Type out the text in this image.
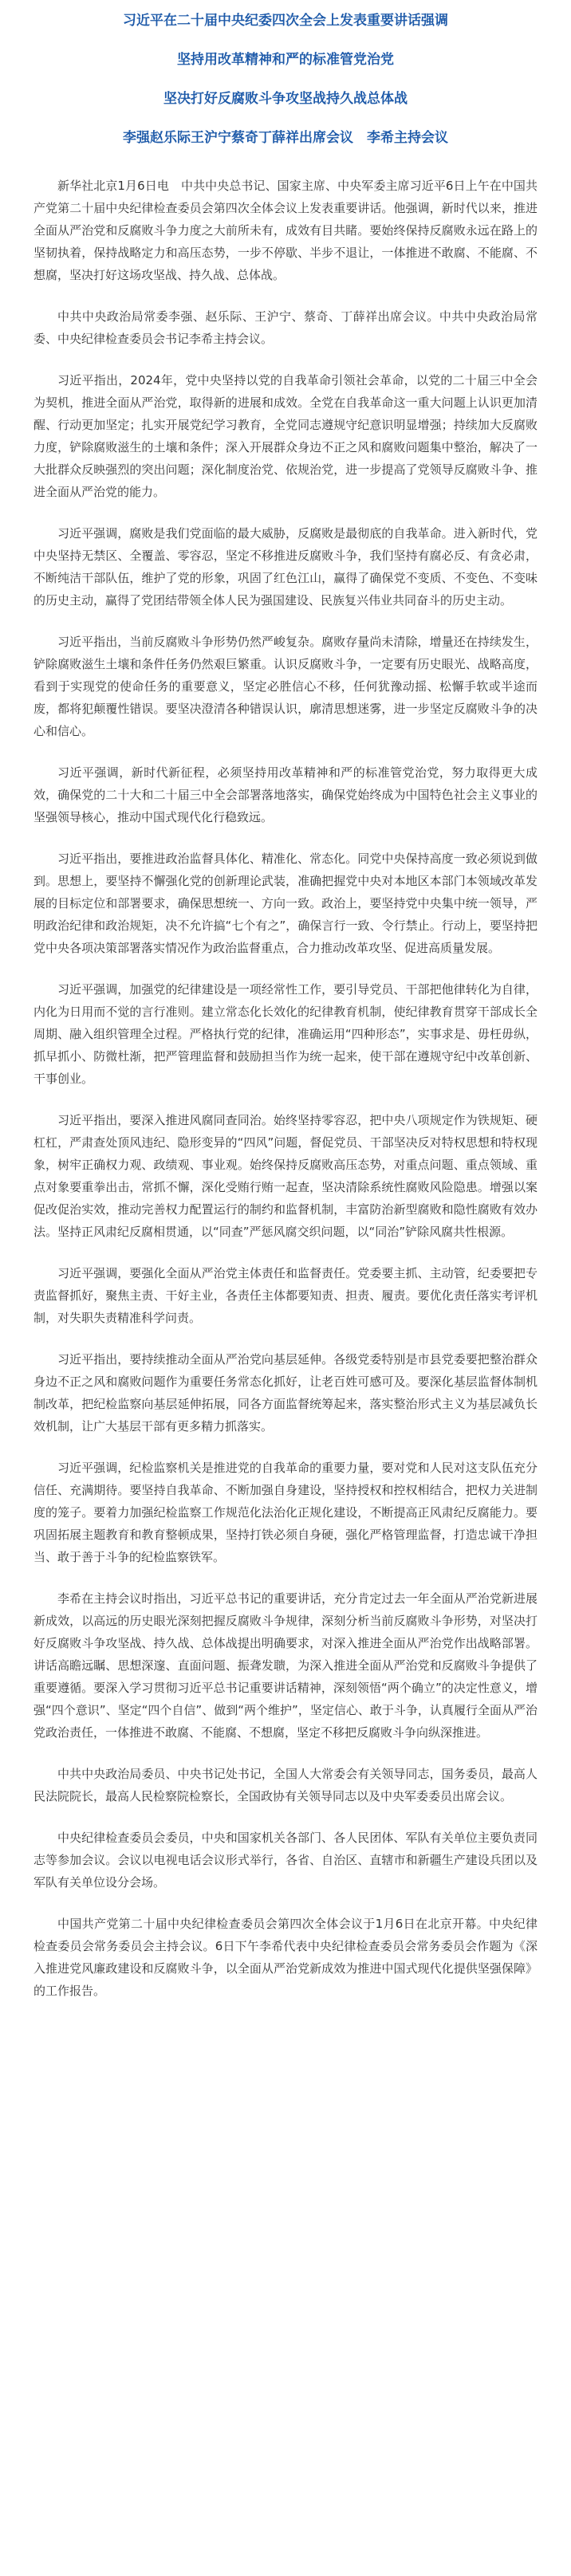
习近平在二十届中央纪委四次全会上发表重要讲话强调
坚持用改革精神和严的标准管党治党
坚决打好反腐败斗争攻坚战持久战总体战
李强赵乐际王沪宁蔡奇丁薛祥出席会议　李希主持会议

新华社北京1月6日电　中共中央总书记、国家主席、中央军委主席习近平6日上午在中国共产党第二十届中央纪律检查委员会第四次全体会议上发表重要讲话。他强调，新时代以来，推进全面从严治党和反腐败斗争力度之大前所未有，成效有目共睹。要始终保持反腐败永远在路上的坚韧执着，保持战略定力和高压态势，一步不停歇、半步不退让，一体推进不敢腐、不能腐、不想腐，坚决打好这场攻坚战、持久战、总体战。

中共中央政治局常委李强、赵乐际、王沪宁、蔡奇、丁薛祥出席会议。中共中央政治局常委、中央纪律检查委员会书记李希主持会议。

习近平指出，2024年，党中央坚持以党的自我革命引领社会革命，以党的二十届三中全会为契机，推进全面从严治党，取得新的进展和成效。全党在自我革命这一重大问题上认识更加清醒、行动更加坚定；扎实开展党纪学习教育，全党同志遵规守纪意识明显增强；持续加大反腐败力度，铲除腐败滋生的土壤和条件；深入开展群众身边不正之风和腐败问题集中整治，解决了一大批群众反映强烈的突出问题；深化制度治党、依规治党，进一步提高了党领导反腐败斗争、推进全面从严治党的能力。

习近平强调，腐败是我们党面临的最大威胁，反腐败是最彻底的自我革命。进入新时代，党中央坚持无禁区、全覆盖、零容忍，坚定不移推进反腐败斗争，我们坚持有腐必反、有贪必肃，不断纯洁干部队伍，维护了党的形象，巩固了红色江山，赢得了确保党不变质、不变色、不变味的历史主动，赢得了党团结带领全体人民为强国建设、民族复兴伟业共同奋斗的历史主动。

习近平指出，当前反腐败斗争形势仍然严峻复杂。腐败存量尚未清除，增量还在持续发生，铲除腐败滋生土壤和条件任务仍然艰巨繁重。认识反腐败斗争，一定要有历史眼光、战略高度，看到于实现党的使命任务的重要意义，坚定必胜信心不移，任何犹豫动摇、松懈手软或半途而废，都将犯颠覆性错误。要坚决澄清各种错误认识，廓清思想迷雾，进一步坚定反腐败斗争的决心和信心。

习近平强调，新时代新征程，必须坚持用改革精神和严的标准管党治党，努力取得更大成效，确保党的二十大和二十届三中全会部署落地落实，确保党始终成为中国特色社会主义事业的坚强领导核心，推动中国式现代化行稳致远。

习近平指出，要推进政治监督具体化、精准化、常态化。同党中央保持高度一致必须说到做到。思想上，要坚持不懈强化党的创新理论武装，准确把握党中央对本地区本部门本领域改革发展的目标定位和部署要求，确保思想统一、方向一致。政治上，要坚持党中央集中统一领导，严明政治纪律和政治规矩，决不允许搞“七个有之”，确保言行一致、令行禁止。行动上，要坚持把党中央各项决策部署落实情况作为政治监督重点，合力推动改革攻坚、促进高质量发展。

习近平强调，加强党的纪律建设是一项经常性工作，要引导党员、干部把他律转化为自律，内化为日用而不觉的言行准则。建立常态化长效化的纪律教育机制，使纪律教育贯穿干部成长全周期、融入组织管理全过程。严格执行党的纪律，准确运用“四种形态”，实事求是、毋枉毋纵，抓早抓小、防微杜渐，把严管理监督和鼓励担当作为统一起来，使干部在遵规守纪中改革创新、干事创业。

习近平指出，要深入推进风腐同查同治。始终坚持零容忍，把中央八项规定作为铁规矩、硬杠杠，严肃查处顶风违纪、隐形变异的“四风”问题，督促党员、干部坚决反对特权思想和特权现象，树牢正确权力观、政绩观、事业观。始终保持反腐败高压态势，对重点问题、重点领域、重点对象要重拳出击，常抓不懈，深化受贿行贿一起查，坚决清除系统性腐败风险隐患。增强以案促改促治实效，推动完善权力配置运行的制约和监督机制，丰富防治新型腐败和隐性腐败有效办法。坚持正风肃纪反腐相贯通，以“同查”严惩风腐交织问题，以“同治”铲除风腐共性根源。

习近平强调，要强化全面从严治党主体责任和监督责任。党委要主抓、主动管，纪委要把专责监督抓好，聚焦主责、干好主业，各责任主体都要知责、担责、履责。要优化责任落实考评机制，对失职失责精准科学问责。

习近平指出，要持续推动全面从严治党向基层延伸。各级党委特别是市县党委要把整治群众身边不正之风和腐败问题作为重要任务常态化抓好，让老百姓可感可及。要深化基层监督体制机制改革，把纪检监察向基层延伸拓展，同各方面监督统筹起来，落实整治形式主义为基层减负长效机制，让广大基层干部有更多精力抓落实。

习近平强调，纪检监察机关是推进党的自我革命的重要力量，要对党和人民对这支队伍充分信任、充满期待。要坚持自我革命、不断加强自身建设，坚持授权和控权相结合，把权力关进制度的笼子。要着力加强纪检监察工作规范化法治化正规化建设，不断提高正风肃纪反腐能力。要巩固拓展主题教育和教育整顿成果，坚持打铁必须自身硬，强化严格管理监督，打造忠诚干净担当、敢于善于斗争的纪检监察铁军。

李希在主持会议时指出，习近平总书记的重要讲话，充分肯定过去一年全面从严治党新进展新成效，以高远的历史眼光深刻把握反腐败斗争规律，深刻分析当前反腐败斗争形势，对坚决打好反腐败斗争攻坚战、持久战、总体战提出明确要求，对深入推进全面从严治党作出战略部署。讲话高瞻远瞩、思想深邃、直面问题、振聋发聩，为深入推进全面从严治党和反腐败斗争提供了重要遵循。要深入学习贯彻习近平总书记重要讲话精神，深刻领悟“两个确立”的决定性意义，增强“四个意识”、坚定“四个自信”、做到“两个维护”，坚定信心、敢于斗争，认真履行全面从严治党政治责任，一体推进不敢腐、不能腐、不想腐，坚定不移把反腐败斗争向纵深推进。

中共中央政治局委员、中央书记处书记，全国人大常委会有关领导同志，国务委员，最高人民法院院长，最高人民检察院检察长，全国政协有关领导同志以及中央军委委员出席会议。

中央纪律检查委员会委员，中央和国家机关各部门、各人民团体、军队有关单位主要负责同志等参加会议。会议以电视电话会议形式举行，各省、自治区、直辖市和新疆生产建设兵团以及军队有关单位设分会场。

中国共产党第二十届中央纪律检查委员会第四次全体会议于1月6日在北京开幕。中央纪律检查委员会常务委员会主持会议。6日下午李希代表中央纪律检查委员会常务委员会作题为《深入推进党风廉政建设和反腐败斗争，以全面从严治党新成效为推进中国式现代化提供坚强保障》的工作报告。
